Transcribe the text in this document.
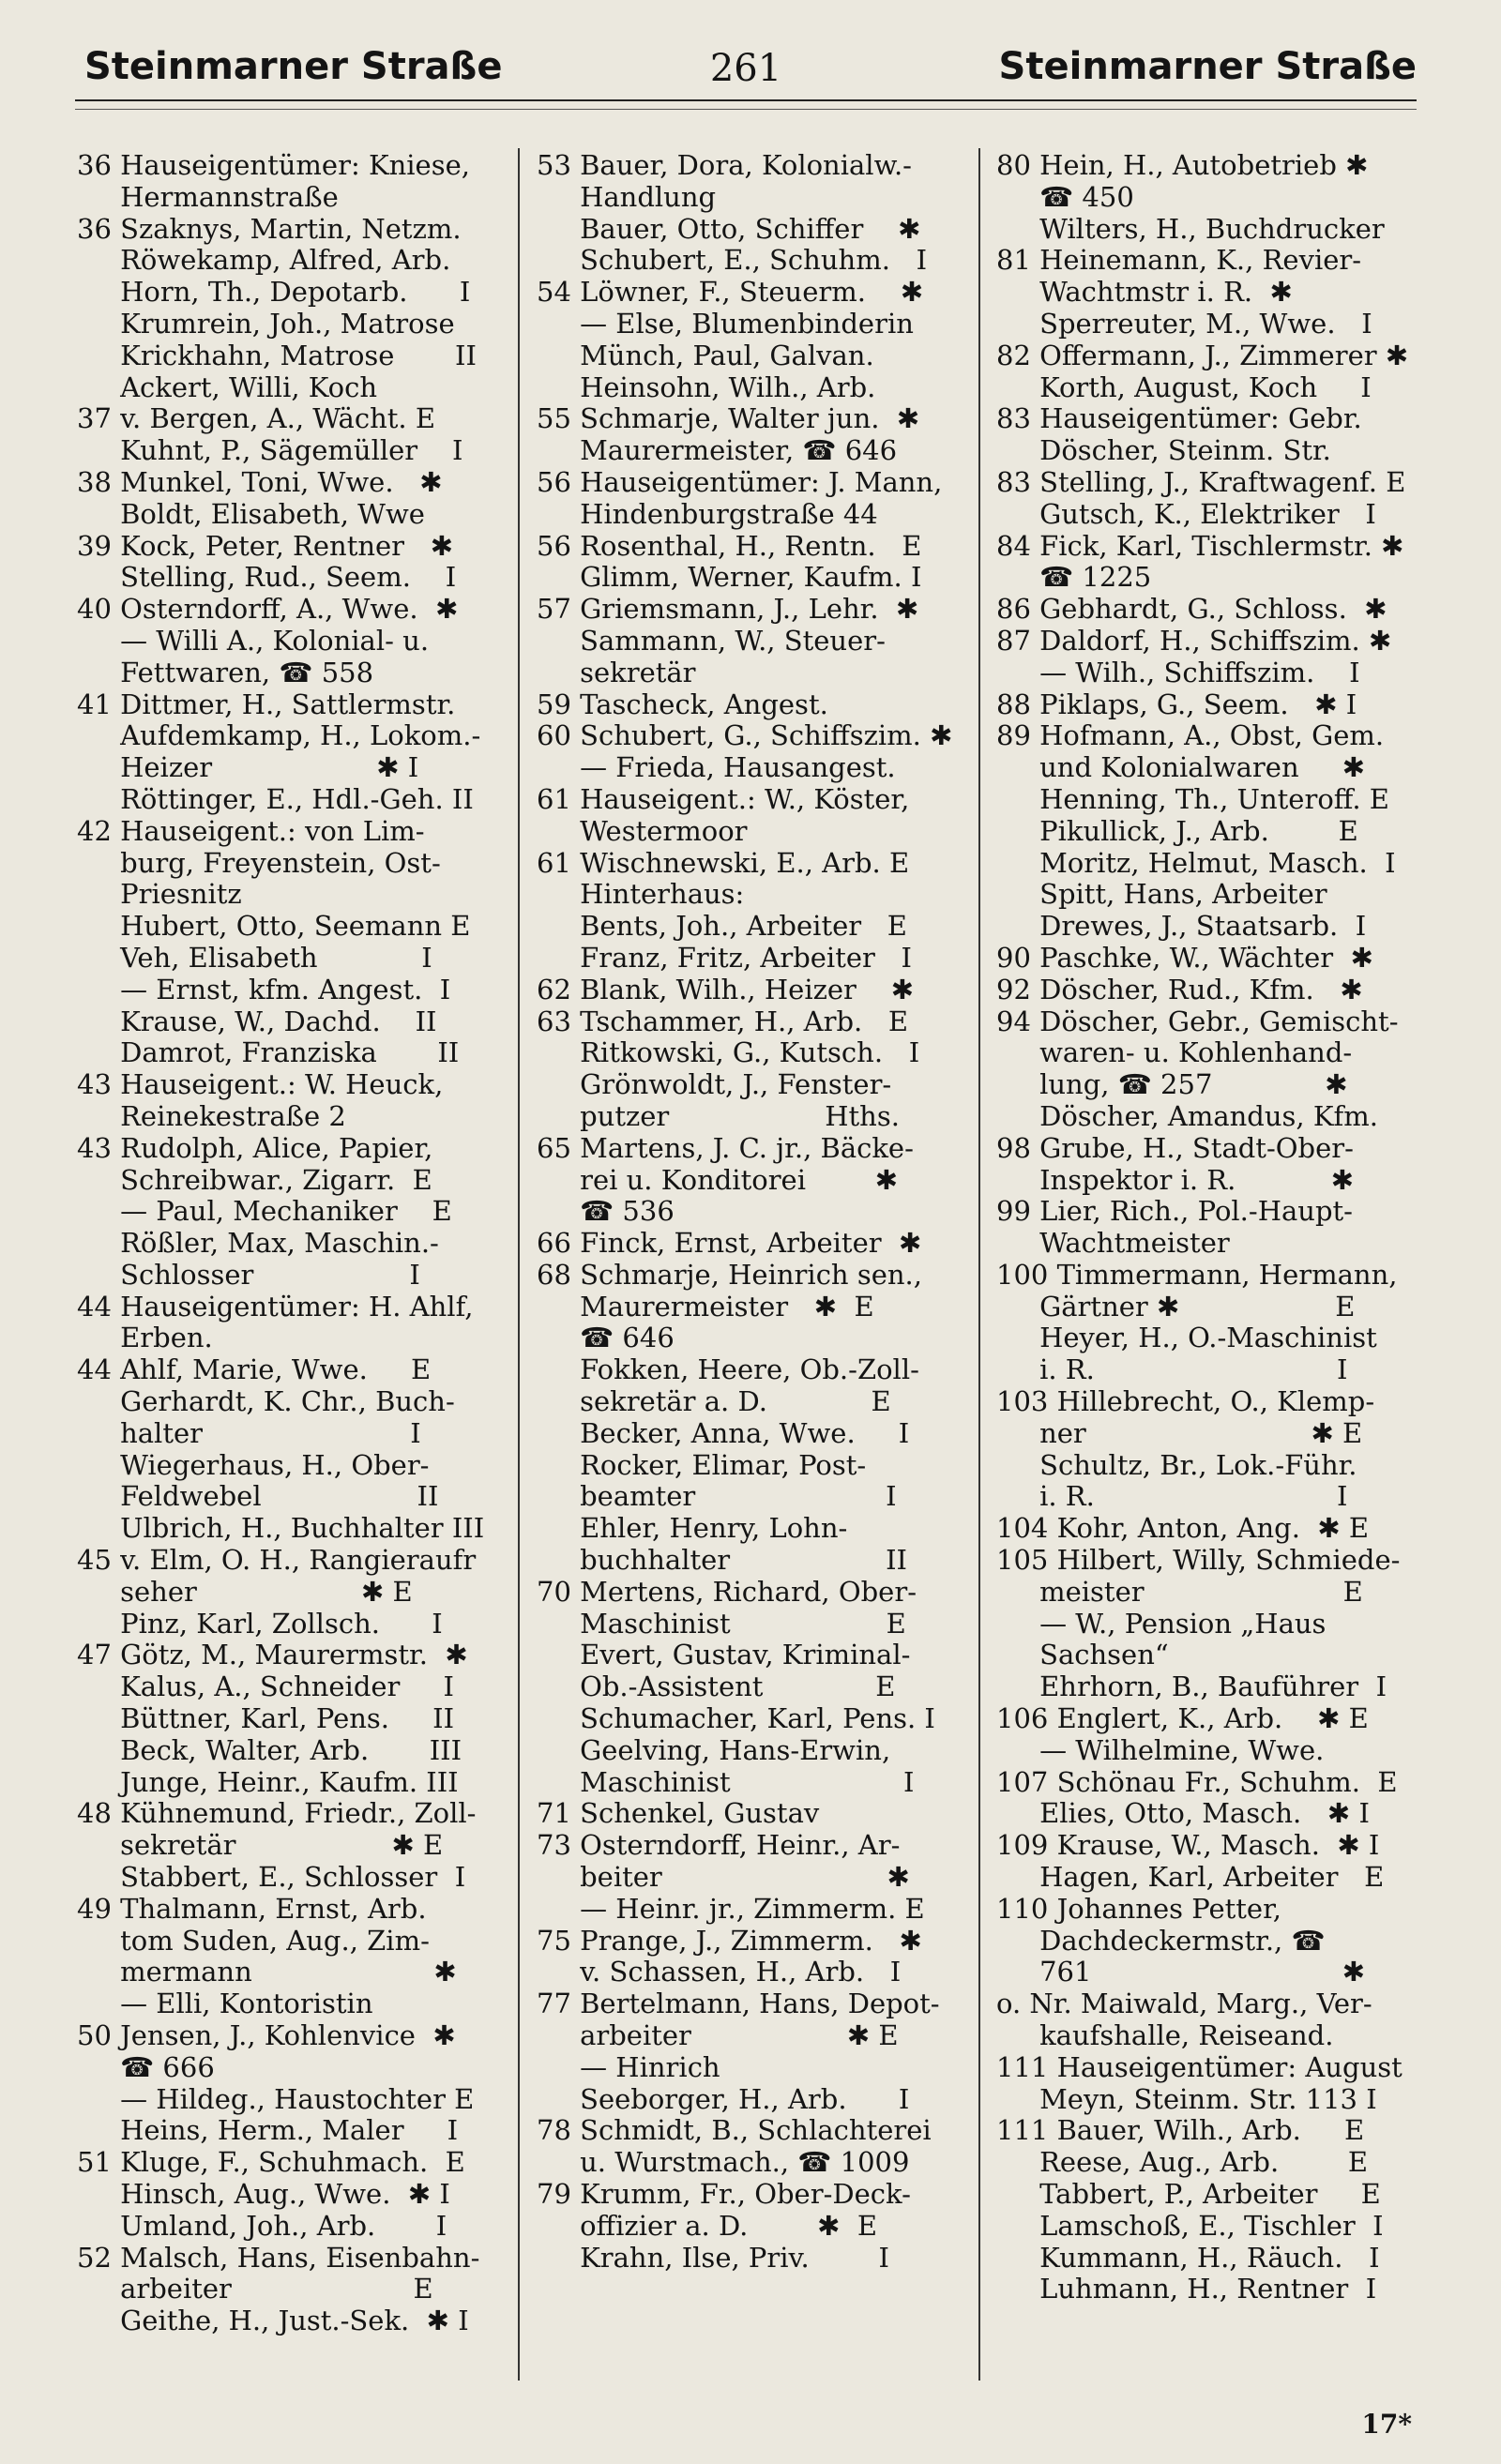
Steinmarner Straße	261	Steinmarner Straße
36 Hauseigentümer: Kniese,
Hermannstraße
36 Szaknys, Martin, Netzm.
Röwekamp, Alfred, Arb.
Horn, Th., Depotarb.      I
Krumrein, Joh., Matrose
Krickhahn, Matrose       II
Ackert, Willi, Koch
37 v. Bergen, A., Wächt. E
Kuhnt, P., Sägemüller    I
38 Munkel, Toni, Wwe.   ✱
Boldt, Elisabeth, Wwe
39 Kock, Peter, Rentner   ✱
Stelling, Rud., Seem.    I
40 Osterndorff, A., Wwe.  ✱
— Willi A., Kolonial- u.
Fettwaren, ☎ 558
41 Dittmer, H., Sattlermstr.
Aufdemkamp, H., Lokom.-
Heizer                   ✱ I
Röttinger, E., Hdl.-Geh. II
42 Hauseigent.: von Lim-
burg, Freyenstein, Ost-
Priesnitz
Hubert, Otto, Seemann E
Veh, Elisabeth            I
— Ernst, kfm. Angest.  I
Krause, W., Dachd.    II
Damrot, Franziska       II
43 Hauseigent.: W. Heuck,
Reinekestraße 2
43 Rudolph, Alice, Papier,
Schreibwar., Zigarr.  E
— Paul, Mechaniker    E
Rößler, Max, Maschin.-
Schlosser                  I
44 Hauseigentümer: H. Ahlf,
Erben.
44 Ahlf, Marie, Wwe.     E
Gerhardt, K. Chr., Buch-
halter                        I
Wiegerhaus, H., Ober-
Feldwebel                  II
Ulbrich, H., Buchhalter III
45 v. Elm, O. H., Rangieraufr
seher                   ✱ E
Pinz, Karl, Zollsch.      I
47 Götz, M., Maurermstr.  ✱
Kalus, A., Schneider     I
Büttner, Karl, Pens.     II
Beck, Walter, Arb.       III
Junge, Heinr., Kaufm. III
48 Kühnemund, Friedr., Zoll-
sekretär                  ✱ E
Stabbert, E., Schlosser  I
49 Thalmann, Ernst, Arb.
tom Suden, Aug., Zim-
mermann                     ✱
— Elli, Kontoristin
50 Jensen, J., Kohlenvice  ✱
☎ 666
— Hildeg., Haustochter E
Heins, Herm., Maler     I
51 Kluge, F., Schuhmach.  E
Hinsch, Aug., Wwe.  ✱ I
Umland, Joh., Arb.       I
52 Malsch, Hans, Eisenbahn-
arbeiter                     E
Geithe, H., Just.-Sek.  ✱ I
53 Bauer, Dora, Kolonialw.-
Handlung
Bauer, Otto, Schiffer    ✱
Schubert, E., Schuhm.   I
54 Löwner, F., Steuerm.    ✱
— Else, Blumenbinderin
Münch, Paul, Galvan.
Heinsohn, Wilh., Arb.
55 Schmarje, Walter jun.  ✱
Maurermeister, ☎ 646
56 Hauseigentümer: J. Mann,
Hindenburgstraße 44
56 Rosenthal, H., Rentn.   E
Glimm, Werner, Kaufm. I
57 Griemsmann, J., Lehr.  ✱
Sammann, W., Steuer-
sekretär
59 Tascheck, Angest.
60 Schubert, G., Schiffszim. ✱
— Frieda, Hausangest.
61 Hauseigent.: W., Köster,
Westermoor
61 Wischnewski, E., Arb. E
Hinterhaus:
Bents, Joh., Arbeiter   E
Franz, Fritz, Arbeiter   I
62 Blank, Wilh., Heizer    ✱
63 Tschammer, H., Arb.   E
Ritkowski, G., Kutsch.   I
Grönwoldt, J., Fenster-
putzer                  Hths.
65 Martens, J. C. jr., Bäcke-
rei u. Konditorei        ✱
☎ 536
66 Finck, Ernst, Arbeiter  ✱
68 Schmarje, Heinrich sen.,
Maurermeister   ✱  E
☎ 646
Fokken, Heere, Ob.-Zoll-
sekretär a. D.            E
Becker, Anna, Wwe.     I
Rocker, Elimar, Post-
beamter                      I
Ehler, Henry, Lohn-
buchhalter                  II
70 Mertens, Richard, Ober-
Maschinist                  E
Evert, Gustav, Kriminal-
Ob.-Assistent             E
Schumacher, Karl, Pens. I
Geelving, Hans-Erwin,
Maschinist                    I
71 Schenkel, Gustav
73 Osterndorff, Heinr., Ar-
beiter                          ✱
— Heinr. jr., Zimmerm. E
75 Prange, J., Zimmerm.   ✱
v. Schassen, H., Arb.   I
77 Bertelmann, Hans, Depot-
arbeiter                  ✱ E
— Hinrich
Seeborger, H., Arb.      I
78 Schmidt, B., Schlachterei
u. Wurstmach., ☎ 1009
79 Krumm, Fr., Ober-Deck-
offizier a. D.        ✱  E
Krahn, Ilse, Priv.        I
80 Hein, H., Autobetrieb ✱
☎ 450
Wilters, H., Buchdrucker
81 Heinemann, K., Revier-
Wachtmstr i. R.  ✱
Sperreuter, M., Wwe.   I
82 Offermann, J., Zimmerer ✱
Korth, August, Koch     I
83 Hauseigentümer: Gebr.
Döscher, Steinm. Str.
83 Stelling, J., Kraftwagenf. E
Gutsch, K., Elektriker   I
84 Fick, Karl, Tischlermstr. ✱
☎ 1225
86 Gebhardt, G., Schloss.  ✱
87 Daldorf, H., Schiffszim. ✱
— Wilh., Schiffszim.    I
88 Piklaps, G., Seem.   ✱ I
89 Hofmann, A., Obst, Gem.
und Kolonialwaren     ✱
Henning, Th., Unteroff. E
Pikullick, J., Arb.        E
Moritz, Helmut, Masch.  I
Spitt, Hans, Arbeiter
Drewes, J., Staatsarb.  I
90 Paschke, W., Wächter  ✱
92 Döscher, Rud., Kfm.   ✱
94 Döscher, Gebr., Gemischt-
waren- u. Kohlenhand-
lung, ☎ 257             ✱
Döscher, Amandus, Kfm.
98 Grube, H., Stadt-Ober-
Inspektor i. R.           ✱
99 Lier, Rich., Pol.-Haupt-
Wachtmeister
100 Timmermann, Hermann,
Gärtner ✱                  E
Heyer, H., O.-Maschinist
i. R.                            I
103 Hillebrecht, O., Klemp-
ner                          ✱ E
Schultz, Br., Lok.-Führ.
i. R.                            I
104 Kohr, Anton, Ang.  ✱ E
105 Hilbert, Willy, Schmiede-
meister                       E
— W., Pension „Haus
Sachsen“
Ehrhorn, B., Bauführer  I
106 Englert, K., Arb.    ✱ E
— Wilhelmine, Wwe.
107 Schönau Fr., Schuhm.  E
Elies, Otto, Masch.   ✱ I
109 Krause, W., Masch.  ✱ I
Hagen, Karl, Arbeiter   E
110 Johannes Petter,
Dachdeckermstr., ☎
761                             ✱
o. Nr. Maiwald, Marg., Ver-
kaufshalle, Reiseand.
111 Hauseigentümer: August
Meyn, Steinm. Str. 113 I
111 Bauer, Wilh., Arb.     E
Reese, Aug., Arb.        E
Tabbert, P., Arbeiter     E
Lamschoß, E., Tischler  I
Kummann, H., Räuch.   I
Luhmann, H., Rentner  I
17*
